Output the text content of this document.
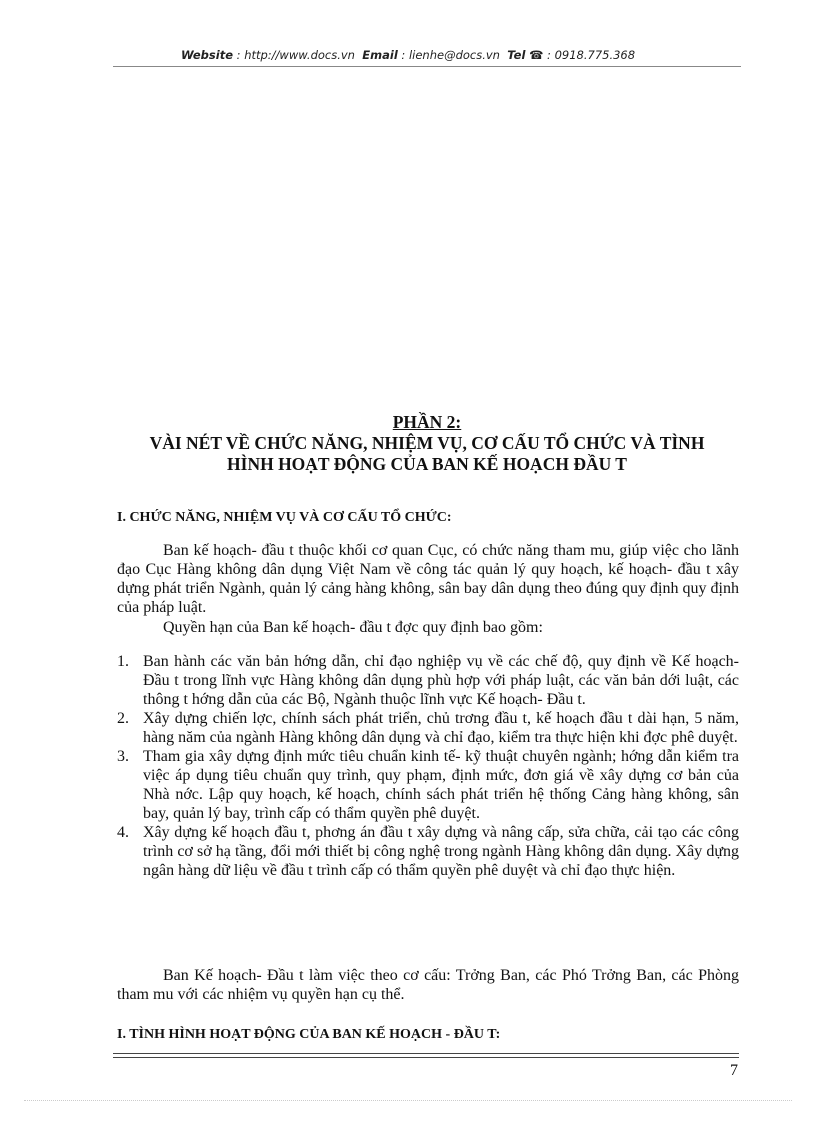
Website : http://www.docs.vn Email : lienhe@docs.vn Tel ☎ : 0918.775.368
PHẦN 2:
VÀI NÉT VỀ CHỨC NĂNG, NHIỆM VỤ, CƠ CẤU TỔ CHỨC VÀ TÌNH
HÌNH HOẠT ĐỘNG CỦA BAN KẾ HOẠCH ĐẦU T
I. CHỨC NĂNG, NHIỆM VỤ VÀ CƠ CẤU TỔ CHỨC:
Ban kế hoạch- đầu t thuộc khối cơ quan Cục, có chức năng tham mu, giúp việc cho lãnh đạo Cục Hàng không dân dụng Việt Nam về công tác quản lý quy hoạch, kế hoạch- đầu t xây dựng phát triển Ngành, quản lý cảng hàng không, sân bay dân dụng theo đúng quy định quy định của pháp luật.
Quyền hạn của Ban kế hoạch- đầu t đợc quy định bao gồm:
1. Ban hành các văn bản hớng dẫn, chỉ đạo nghiệp vụ về các chế độ, quy định về Kế hoạch- Đầu t trong lĩnh vực Hàng không dân dụng phù hợp với pháp luật, các văn bản dới luật, các thông t hớng dẫn của các Bộ, Ngành thuộc lĩnh vực Kế hoạch- Đầu t.
2. Xây dựng chiến lợc, chính sách phát triển, chủ trơng đầu t, kế hoạch đầu t dài hạn, 5 năm, hàng năm của ngành Hàng không dân dụng và chỉ đạo, kiểm tra thực hiện khi đợc phê duyệt.
3. Tham gia xây dựng định mức tiêu chuẩn kinh tế- kỹ thuật chuyên ngành; hớng dẫn kiểm tra việc áp dụng tiêu chuẩn quy trình, quy phạm, định mức, đơn giá về xây dựng cơ bản của Nhà nớc. Lập quy hoạch, kế hoạch, chính sách phát triển hệ thống Cảng hàng không, sân bay, quản lý bay, trình cấp có thẩm quyền phê duyệt.
4. Xây dựng kế hoạch đầu t, phơng án đầu t xây dựng và nâng cấp, sửa chữa, cải tạo các công trình cơ sở hạ tầng, đổi mới thiết bị công nghệ trong ngành Hàng không dân dụng. Xây dựng ngân hàng dữ liệu về đầu t trình cấp có thẩm quyền phê duyệt và chỉ đạo thực hiện.
Ban Kế hoạch- Đầu t làm việc theo cơ cấu: Trởng Ban, các Phó Trởng Ban, các Phòng tham mu với các nhiệm vụ quyền hạn cụ thể.
I. TÌNH HÌNH HOẠT ĐỘNG CỦA BAN KẾ HOẠCH - ĐẦU T:
7
